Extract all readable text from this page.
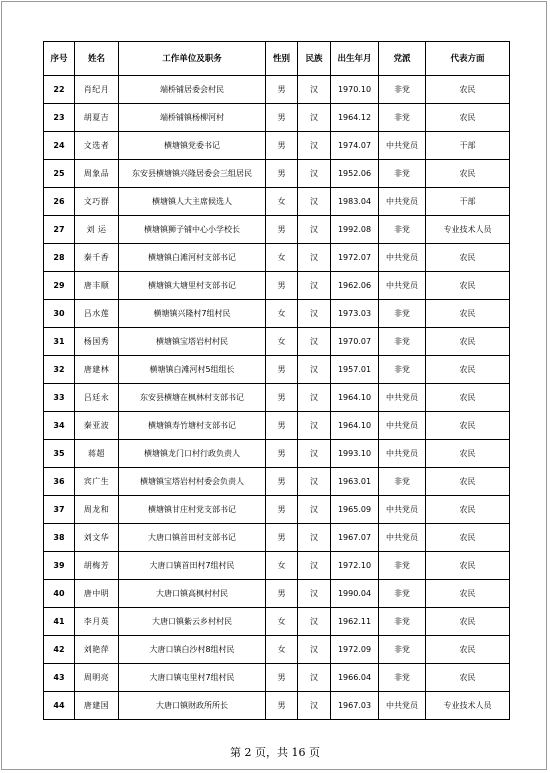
序号	姓名	工作单位及职务	性别	民族	出生年月	党派	代表方面
22	肖纪月	端桥铺居委会村民	男	汉	1970.10	非党	农民
23	胡夏吉	端桥铺镇杨柳河村	男	汉	1964.12	非党	农民
24	文选者	横塘镇党委书记	男	汉	1974.07	中共党员	干部
25	周象品	东安县横塘镇兴隆居委会三组居民	男	汉	1952.06	非党	农民
26	文巧群	横塘镇人大主席候选人	女	汉	1983.04	中共党员	干部
27	刘 运	横塘镇狮子铺中心小学校长	男	汉	1992.08	非党	专业技术人员
28	秦千香	横塘镇白滩河村支部书记	女	汉	1972.07	中共党员	农民
29	唐丰顺	横塘镇大塘里村支部书记	男	汉	1962.06	中共党员	农民
30	吕水莲	横塘镇兴隆村7组村民	女	汉	1973.03	非党	农民
31	杨国秀	横塘镇宝塔岩村村民	女	汉	1970.07	非党	农民
32	唐建林	横塘镇白滩河村5组组长	男	汉	1957.01	非党	农民
33	吕廷永	东安县横塘在枫林村支部书记	男	汉	1964.10	中共党员	农民
34	秦亚波	横塘镇寿竹塘村支部书记	男	汉	1964.10	中共党员	农民
35	蒋超	横塘镇龙门口村行政负责人	男	汉	1993.10	中共党员	农民
36	宾广生	横塘镇宝塔岩村村委会负责人	男	汉	1963.01	非党	农民
37	周龙和	横塘镇甘庄村党支部书记	男	汉	1965.09	中共党员	农民
38	刘文华	大唐口镇首田村支部书记	男	汉	1967.07	中共党员	农民
39	胡梅芳	大唐口镇首田村7组村民	女	汉	1972.10	非党	农民
40	唐中明	大唐口镇高枫村村民	男	汉	1990.04	非党	农民
41	李月英	大唐口镇紫云乡村村民	女	汉	1962.11	非党	农民
42	刘艳萍	大唐口镇白沙村8组村民	女	汉	1972.09	非党	农民
43	周明亮	大唐口镇屯里村7组村民	男	汉	1966.04	非党	农民
44	唐建国	大唐口镇财政所所长	男	汉	1967.03	中共党员	专业技术人员
第 2 页，共 16 页
